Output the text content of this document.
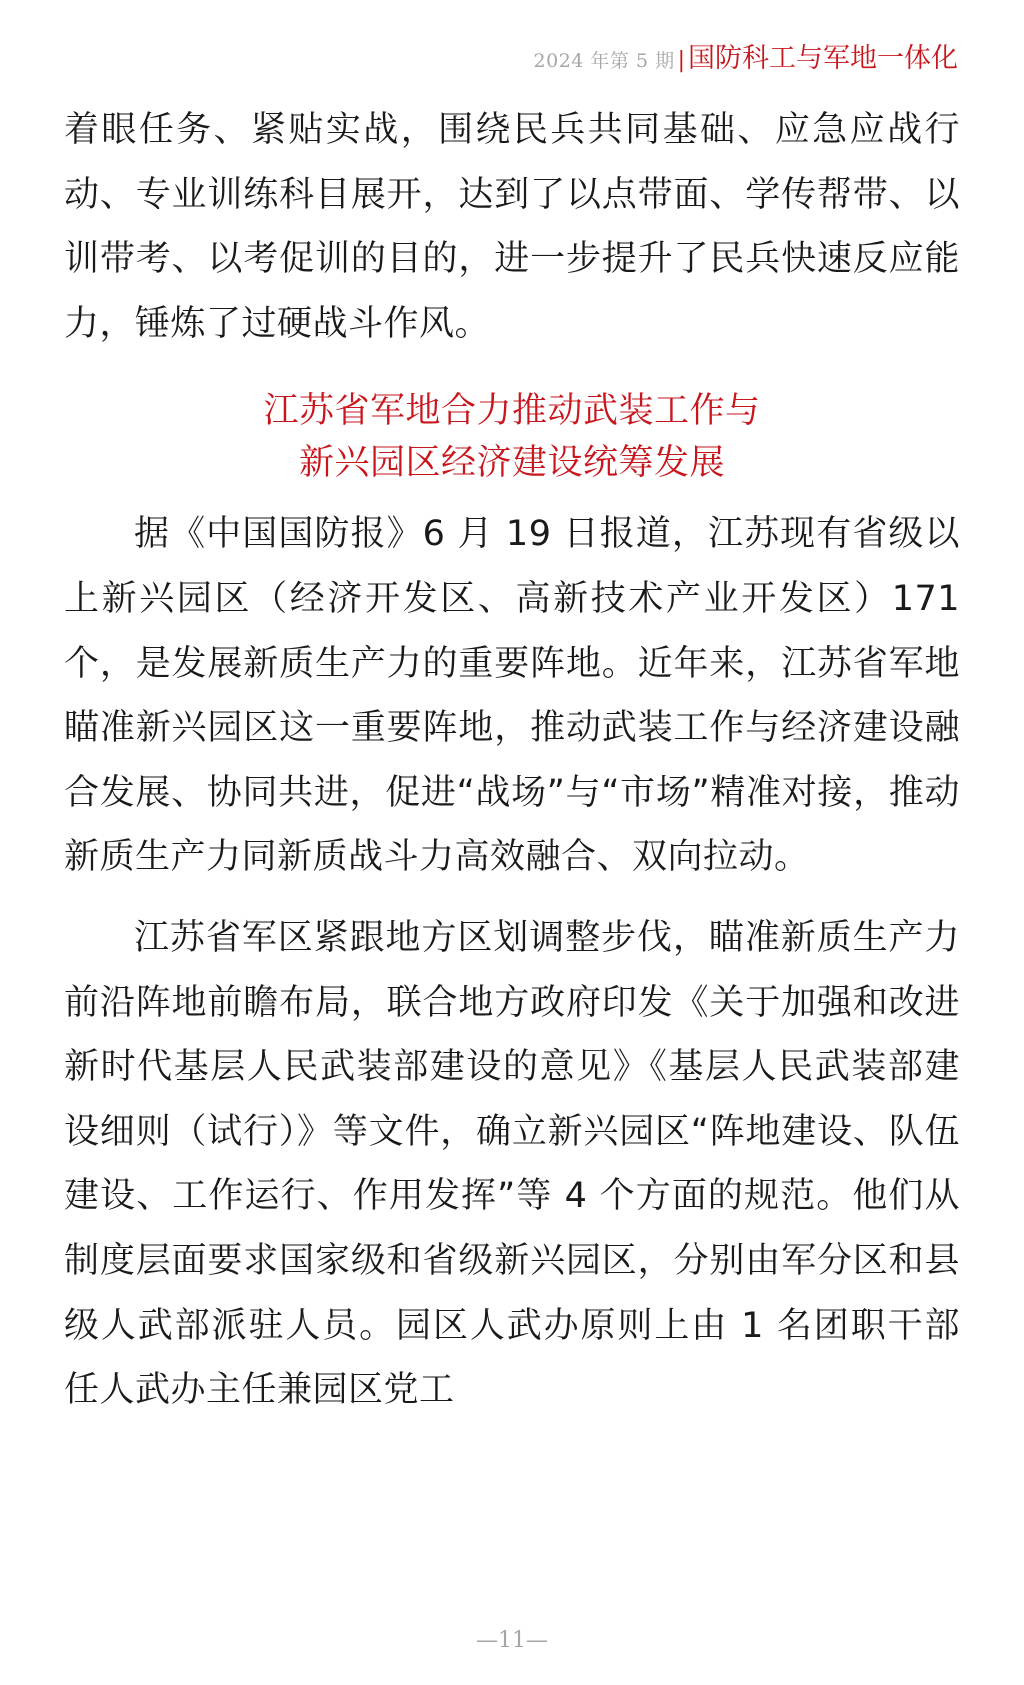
2024 年第 5 期 | 国防科工与军地一体化

着眼任务、紧贴实战，围绕民兵共同基础、应急应战行动、专业训练科目展开，达到了以点带面、学传帮带、以训带考、以考促训的目的，进一步提升了民兵快速反应能力，锤炼了过硬战斗作风。

江苏省军地合力推动武装工作与
新兴园区经济建设统筹发展

据《中国国防报》6 月 19 日报道，江苏现有省级以上新兴园区（经济开发区、高新技术产业开发区）171 个，是发展新质生产力的重要阵地。近年来，江苏省军地瞄准新兴园区这一重要阵地，推动武装工作与经济建设融合发展、协同共进，促进“战场”与“市场”精准对接，推动新质生产力同新质战斗力高效融合、双向拉动。

江苏省军区紧跟地方区划调整步伐，瞄准新质生产力前沿阵地前瞻布局，联合地方政府印发《关于加强和改进新时代基层人民武装部建设的意见》《基层人民武装部建设细则（试行）》等文件，确立新兴园区“阵地建设、队伍建设、工作运行、作用发挥”等 4 个方面的规范。他们从制度层面要求国家级和省级新兴园区，分别由军分区和县级人武部派驻人员。园区人武办原则上由 1 名团职干部任人武办主任兼园区党工

—11—
